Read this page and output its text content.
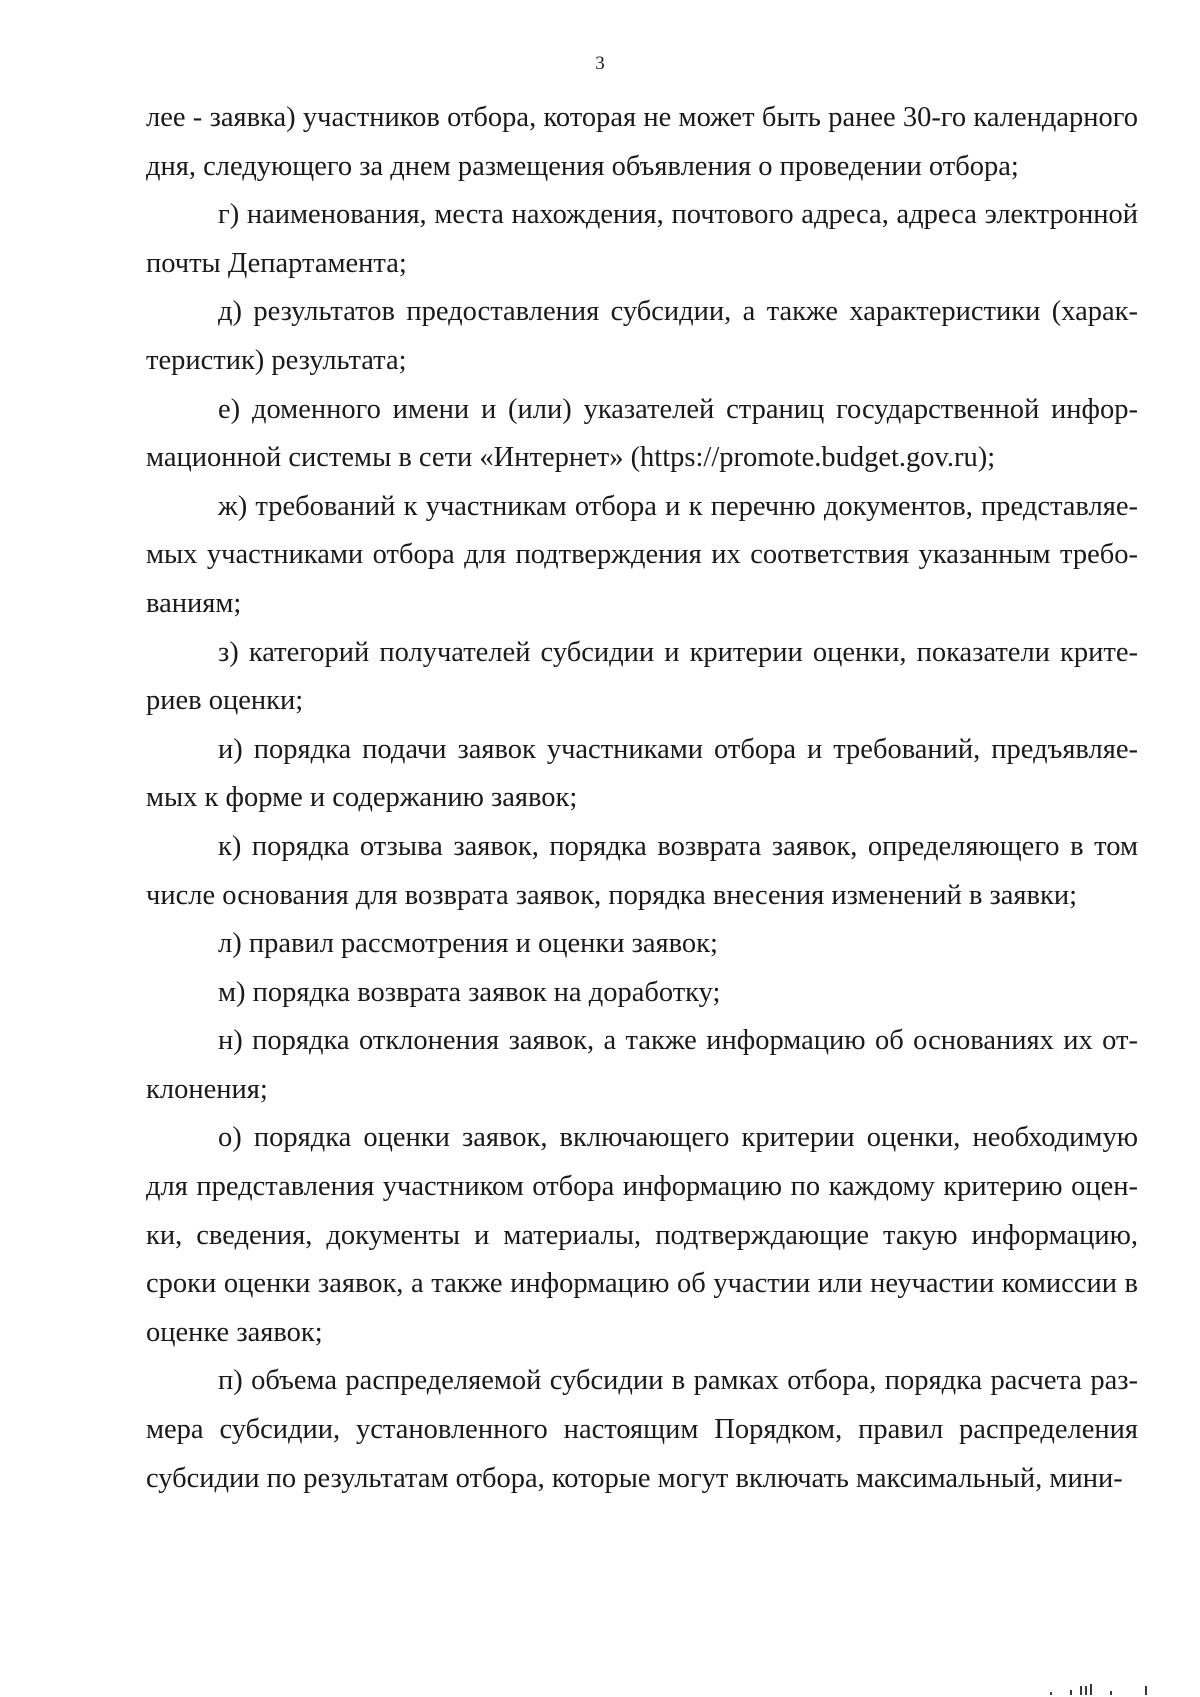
3

лее - заявка) участников отбора, которая не может быть ранее 30-го календарного дня, следующего за днем размещения объявления о проведении отбора;

г) наименования, места нахождения, почтового адреса, адреса электронной почты Департамента;

д) результатов предоставления субсидии, а также характеристики (характеристик) результата;

е) доменного имени и (или) указателей страниц государственной информационной системы в сети «Интернет» (https://promote.budget.gov.ru);

ж) требований к участникам отбора и к перечню документов, представляемых участниками отбора для подтверждения их соответствия указанным требованиям;

з) категорий получателей субсидии и критерии оценки, показатели критериев оценки;

и) порядка подачи заявок участниками отбора и требований, предъявляемых к форме и содержанию заявок;

к) порядка отзыва заявок, порядка возврата заявок, определяющего в том числе основания для возврата заявок, порядка внесения изменений в заявки;

л) правил рассмотрения и оценки заявок;

м) порядка возврата заявок на доработку;

н) порядка отклонения заявок, а также информацию об основаниях их отклонения;

о) порядка оценки заявок, включающего критерии оценки, необходимую для представления участником отбора информацию по каждому критерию оценки, сведения, документы и материалы, подтверждающие такую информацию, сроки оценки заявок, а также информацию об участии или неучастии комиссии в оценке заявок;

п) объема распределяемой субсидии в рамках отбора, порядка расчета размера субсидии, установленного настоящим Порядком, правил распределения субсидии по результатам отбора, которые могут включать максимальный, мини-
